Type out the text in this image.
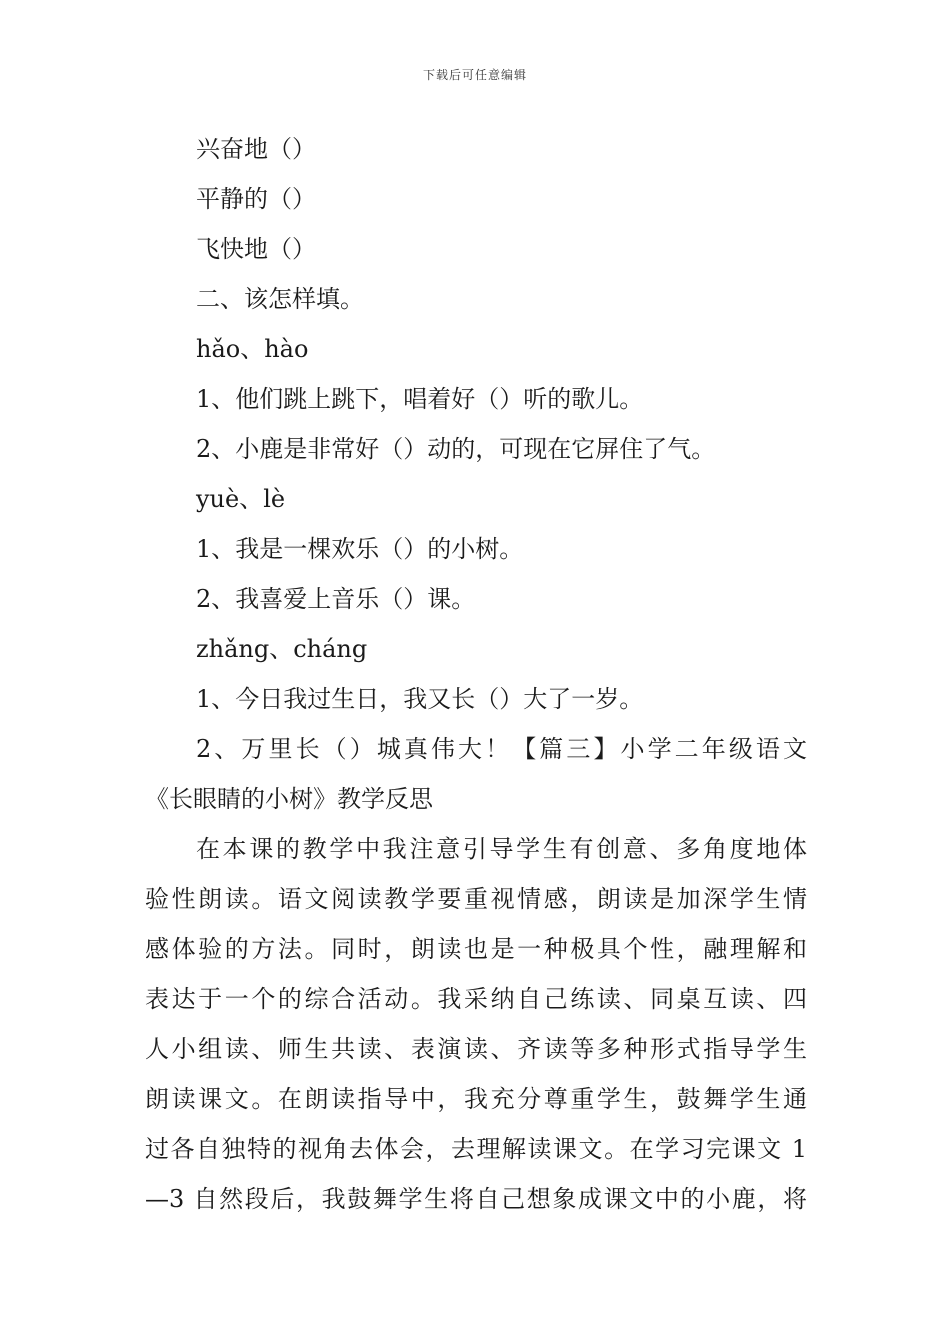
下载后可任意编辑
兴奋地（）
平静的（）
飞快地（）
二、该怎样填。
hǎo、hào
1、他们跳上跳下，唱着好（）听的歌儿。
2、小鹿是非常好（）动的，可现在它屏住了气。
yuè、lè
1、我是一棵欢乐（）的小树。
2、我喜爱上音乐（）课。
zhǎng、cháng
1、今日我过生日，我又长（）大了一岁。
2、万里长（）城真伟大！【篇三】小学二年级语文
《长眼睛的小树》教学反思
在本课的教学中我注意引导学生有创意、多角度地体
验性朗读。语文阅读教学要重视情感，朗读是加深学生情
感体验的方法。同时，朗读也是一种极具个性，融理解和
表达于一个的综合活动。我采纳自己练读、同桌互读、四
人小组读、师生共读、表演读、齐读等多种形式指导学生
朗读课文。在朗读指导中，我充分尊重学生，鼓舞学生通
过各自独特的视角去体会，去理解读课文。在学习完课文 1
—3 自然段后，我鼓舞学生将自己想象成课文中的小鹿，将
